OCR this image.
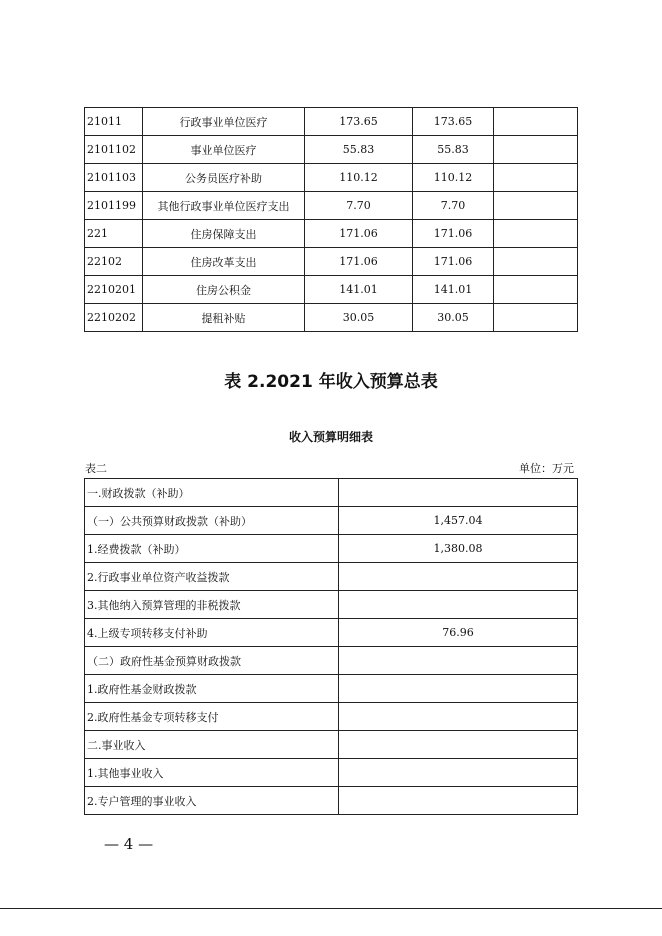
21011	行政事业单位医疗	173.65	173.65	
2101102	事业单位医疗	55.83	55.83	
2101103	公务员医疗补助	110.12	110.12	
2101199	其他行政事业单位医疗支出	7.70	7.70	
221	住房保障支出	171.06	171.06	
22102	住房改革支出	171.06	171.06	
2210201	住房公积金	141.01	141.01	
2210202	提租补贴	30.05	30.05	
表 2.2021 年收入预算总表
收入预算明细表
表二	单位：万元
一.财政拨款（补助）	
（一）公共预算财政拨款（补助）	1,457.04
1.经费拨款（补助）	1,380.08
2.行政事业单位资产收益拨款	
3.其他纳入预算管理的非税拨款	
4.上级专项转移支付补助	76.96
（二）政府性基金预算财政拨款	
1.政府性基金财政拨款	
2.政府性基金专项转移支付	
二.事业收入	
1.其他事业收入	
2.专户管理的事业收入	
— 4 —
